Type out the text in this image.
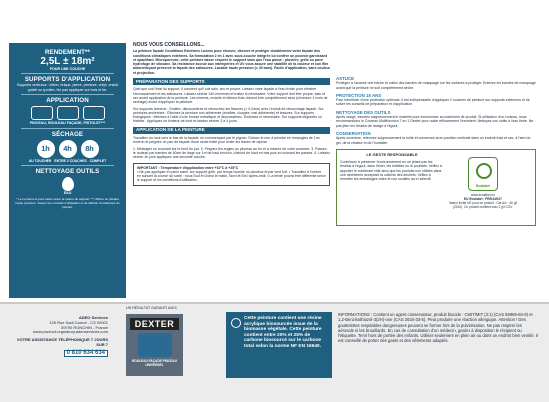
RENDEMENT**
2,5L ± 18m²
POUR UNE COUCHE
SUPPORTS D'APPLICATION
Supports verticaux : béton, brique, pierre, peinture, crépi, enduit gratté ou tyrolien. Ne pas appliquer sur bois et fer.
APPLICATION
PINCEAU, ROULEAU FAÇADE, PISTOLET***
SÉCHAGE
1h	4h	8h
AU TOUCHER ENTRE 2 COUCHES COMPLET
NETTOYAGE OUTILS
EAU
* Le rendement peut varier selon la nature du support. ** Utiliser un pistolet haute pression. Suivez les conseils d'utilisation et de dilution du fabricant du pistolet.
NOUS VOUS CONSEILLONS...
La peinture façade Conditions Extrêmes Luxens pour rénover, décorer et protéger durablement votre façade des conditions climatiques extrêmes. Sa formulation 2 en 1 avec sous-couche intégrée lui confère un pouvoir garnissant et opacifiant. Microporeuse, cette peinture laisse respirer le support sans que l'eau passe : pluvière, grêle ou pavé hydrofuge de siloxane. Sa résistance accrue aux intempéries et UV vous assure une stabilité de la couleur et son film autonettoyant préserve la façade des salissures. Lavable haute pression (= 40 bars). Facile d'application, sans couleur et projection.
PRÉPARATION DES SUPPORTS
Quel que soit l'état du support, il convient qu'il soit sain, sec et propre. Laissez votre façade à l'eau froide pour éliminer l'encrassement et les salissures. Laissez sécher 24h minimum et traitez si nécessaire. Votre support doit être propre, sain et sec avant application de la peinture. Les ciments, enduits et bétons frais doivent être complètement secs (minimum 1 mois de séchage) avant d'appliquer la peinture.
Sur supports farineux : Grattez, dépoussiérez et rebouchez les fissures (> 0,2mm) avec l'enduit de rebouchage façade. Sur peintures anciennes : Éliminez la peinture non adhérente (écaillée, cloquée, mal adhérente) et lessivez. Sur supports biologiques : éliminez à l'aide d'une brosse métallique et dépoussiérez. Enduisez si nécessaire. Sur supports dégradés ou friables : Appliquez un fixateur de fond et laissez sécher 3 à 4 jours.
APPLICATION DE LA PEINTURE
Travaillez du haut vers le bas de la façade, en commençant par le pignon. Divisez le mur à peindre en rectangles de 1m² environ et peignez un pan de façade d'une seule traite pour éviter les traces de reprise.
1. Mélangez en tournant sur le fond du pot. 2. Peignez les angles au pinceau au fur et à mesure de votre avancée. 3. Passez le rouleau par bandes de 60cm de large sur 1m de haut environ, d'abord de haut en bas puis en croisant les passes. 4. Laissez sécher 4h puis appliquez une seconde couche.
IMPORTANT : Température d'application entre +10°C à +25°C
• Ne pas appliquer en plein soleil, sur support gelé, par temps humide ou pluvieux et par vent fort. • Travaillez à l'ombre en suivant la course du soleil : nous Sud et Ouest le matin, Nord et Est l'après-midi. • La teinte pourra être différente selon le support et les conditions d'utilisation.
ASTUCE
Protégez à l'avance une bâche et collez des bandes de masquage sur les surfaces à protéger. Enlevez les bandes de masquage avant que la peinture ne soit complètement sèche.
PROTECTION 15 ANS
Pour bénéficier d'une protection optimale, il est indispensable d'appliquer 2 couches de peinture sur supports extérieurs et de suivre les conseils de préparation et d'application.
NETTOYAGE DES OUTILS
Après usage, essorez soigneusement le matériel pour économiser au maximum de produit. Si utilisation d'un rouleau, nous recommandons le Couteau Multifonction 7 en 1 Dexter pour racler efficacement l'excédent. Nettoyez vos outils à l'eau tiède. Ne pas jeter les résidus de lavage à l'égout.
CONSERVATION
Après ouverture, refermez soigneusement la boîte et conservez-la en position verticale dans un endroit frais et sec, à l'abri du gel, de la chaleur et de l'humidité.
LE GESTE RESPONSABLE
Contribuez à préserver l'environnement en ne jetant pas les résidus à l'égout, dans l'évier, les toilettes ou la poubelle. Veillez à apporter le contenant vide ainsi que les produits non utilisés dans une déchèterie acceptant la collecte des déchets. Veillez à remettre les emballages vides et non souillés au tri sélectif.
Ecolabel
www.ecolabel.eu
EU Ecolabel : FR/044/017
Valeur limite UE pour ce produit : Cat A/c : 40 g/l (2010). Ce produit contient max 2 g/l COV.
ADEO Services
135 Rue Sadi Carnot - CS 00001
59790 RONCHIN - France
www.product-regulatory.adeoservices.com
VOTRE ASSISTANCE TÉLÉPHONIQUE 7 JOURS SUR 7
0 810 634 634
UN RÉSULTAT GARANTI AVEC
DEXTER
ROULEAU FAÇADE PINCEAU UNIVERSEL
Cette peinture contient une résine acrylique biosourcée issue de la biomasse végétale. Cette peinture contient entre 20% et 25% de carbone biosourcé sur le carbone total selon la norme NF EN 16640.
INFORMATIONS : Contient un agent conservateur, produit biocide : CMIT/MIT (3:1) (CAS 55965-84-9) et 1,2-Benzisothiazol-3(2H)-one (CAS 2634-33-5). Peut produire une réaction allergique. Attention ! Des gouttelettes respirables dangereuses peuvent se former lors de la pulvérisation. Ne pas respirer les aérosols ni les brouillards. En cas de consultation d'un médecin, garder à disposition le récipient ou l'étiquette. Tenir hors de portée des enfants. Utiliser seulement en plein air ou dans un endroit bien ventilé. Il est conseillé de porter des gants et des vêtements adaptés.
